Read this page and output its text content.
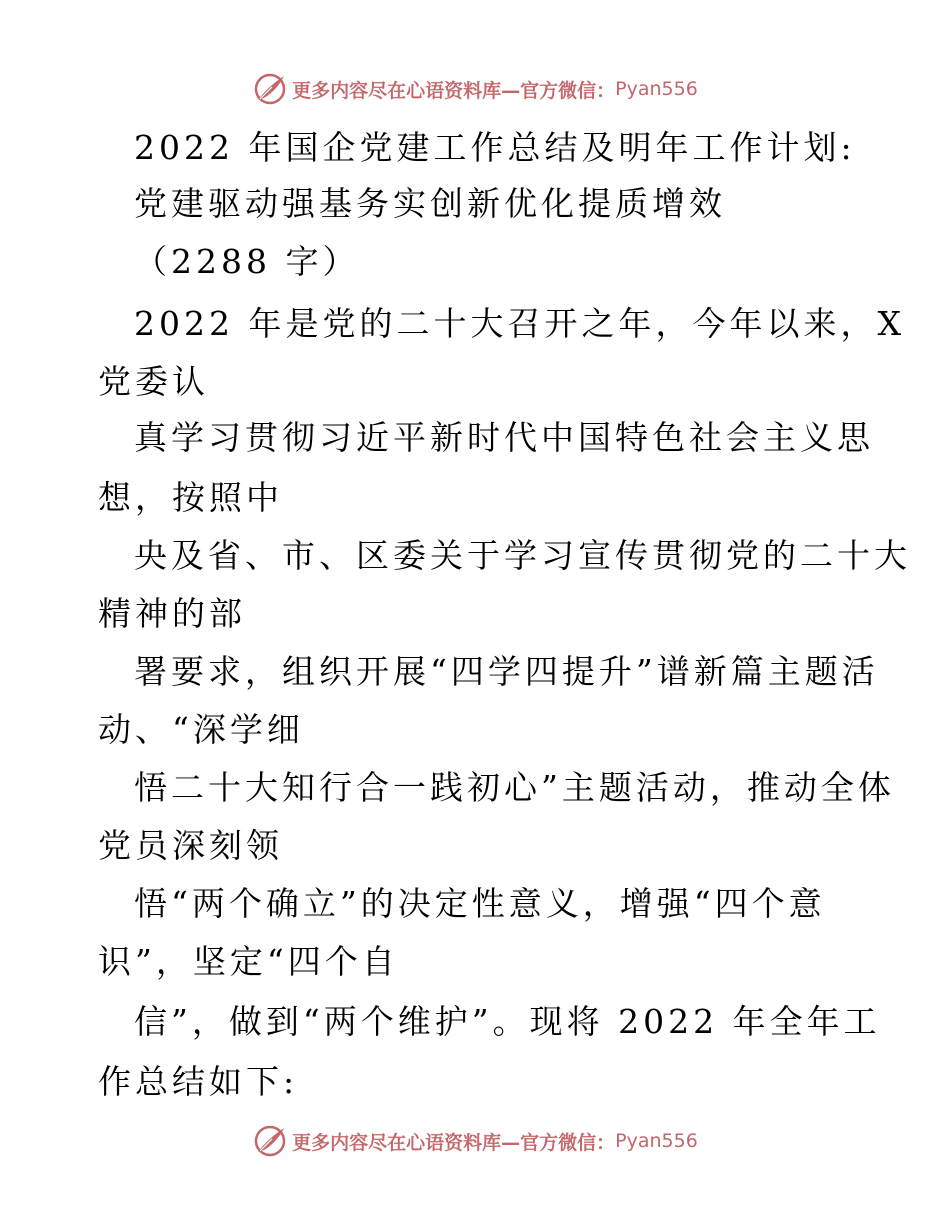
更多内容尽在心语资料库—官方微信： Pyan556
2022 年国企党建工作总结及明年工作计划:
党建驱动强基务实创新优化提质增效
（2288 字）
2022 年是党的二十大召开之年，今年以来，X
党委认
真学习贯彻习近平新时代中国特色社会主义思
想，按照中
央及省、市、区委关于学习宣传贯彻党的二十大
精神的部
署要求，组织开展“四学四提升”谱新篇主题活
动、“深学细
悟二十大知行合一践初心”主题活动，推动全体
党员深刻领
悟“两个确立”的决定性意义，增强“四个意
识”，坚定“四个自
信”，做到“两个维护”。现将 2022 年全年工
作总结如下:
更多内容尽在心语资料库—官方微信： Pyan556
